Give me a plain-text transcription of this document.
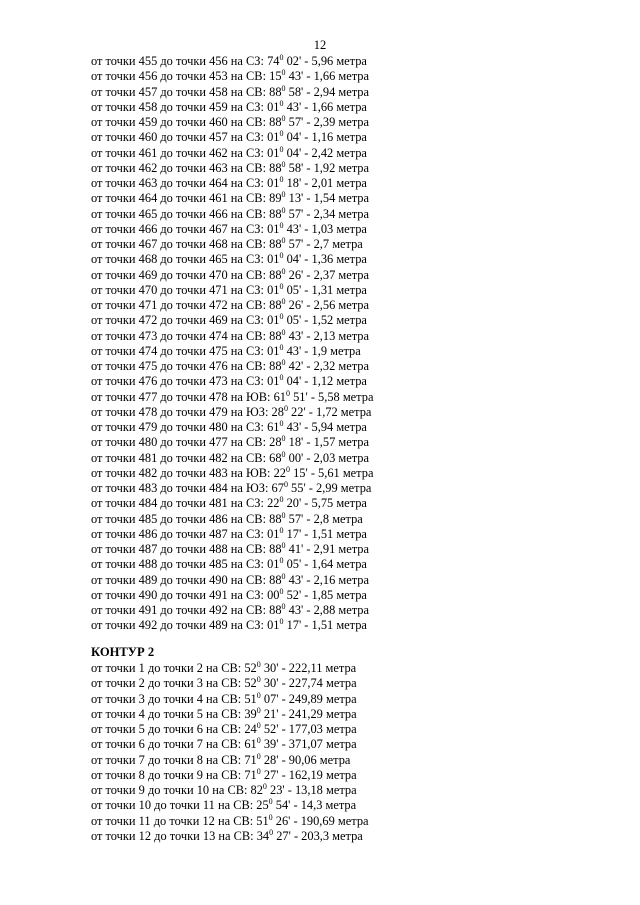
12
от точки 455 до точки 456 на СЗ: $74^0$ 02' - 5,96 метра
от точки 456 до точки 453 на СВ: $15^0$ 43' - 1,66 метра
от точки 457 до точки 458 на СВ: $88^0$ 58' - 2,94 метра
от точки 458 до точки 459 на СЗ: $01^0$ 43' - 1,66 метра
от точки 459 до точки 460 на СВ: $88^0$ 57' - 2,39 метра
от точки 460 до точки 457 на СЗ: $01^0$ 04' - 1,16 метра
от точки 461 до точки 462 на СЗ: $01^0$ 04' - 2,42 метра
от точки 462 до точки 463 на СВ: $88^0$ 58' - 1,92 метра
от точки 463 до точки 464 на СЗ: $01^0$ 18' - 2,01 метра
от точки 464 до точки 461 на СВ: $89^0$ 13' - 1,54 метра
от точки 465 до точки 466 на СВ: $88^0$ 57' - 2,34 метра
от точки 466 до точки 467 на СЗ: $01^0$ 43' - 1,03 метра
от точки 467 до точки 468 на СВ: $88^0$ 57' - 2,7 метра
от точки 468 до точки 465 на СЗ: $01^0$ 04' - 1,36 метра
от точки 469 до точки 470 на СВ: $88^0$ 26' - 2,37 метра
от точки 470 до точки 471 на СЗ: $01^0$ 05' - 1,31 метра
от точки 471 до точки 472 на СВ: $88^0$ 26' - 2,56 метра
от точки 472 до точки 469 на СЗ: $01^0$ 05' - 1,52 метра
от точки 473 до точки 474 на СВ: $88^0$ 43' - 2,13 метра
от точки 474 до точки 475 на СЗ: $01^0$ 43' - 1,9 метра
от точки 475 до точки 476 на СВ: $88^0$ 42' - 2,32 метра
от точки 476 до точки 473 на СЗ: $01^0$ 04' - 1,12 метра
от точки 477 до точки 478 на ЮВ: $61^0$ 51' - 5,58 метра
от точки 478 до точки 479 на ЮЗ: $28^0$ 22' - 1,72 метра
от точки 479 до точки 480 на СЗ: $61^0$ 43' - 5,94 метра
от точки 480 до точки 477 на СВ: $28^0$ 18' - 1,57 метра
от точки 481 до точки 482 на СВ: $68^0$ 00' - 2,03 метра
от точки 482 до точки 483 на ЮВ: $22^0$ 15' - 5,61 метра
от точки 483 до точки 484 на ЮЗ: $67^0$ 55' - 2,99 метра
от точки 484 до точки 481 на СЗ: $22^0$ 20' - 5,75 метра
от точки 485 до точки 486 на СВ: $88^0$ 57' - 2,8 метра
от точки 486 до точки 487 на СЗ: $01^0$ 17' - 1,51 метра
от точки 487 до точки 488 на СВ: $88^0$ 41' - 2,91 метра
от точки 488 до точки 485 на СЗ: $01^0$ 05' - 1,64 метра
от точки 489 до точки 490 на СВ: $88^0$ 43' - 2,16 метра
от точки 490 до точки 491 на СЗ: $00^0$ 52' - 1,85 метра
от точки 491 до точки 492 на СВ: $88^0$ 43' - 2,88 метра
от точки 492 до точки 489 на СЗ: $01^0$ 17' - 1,51 метра
КОНТУР 2
от точки 1 до точки 2 на СВ: $52^0$ 30' - 222,11 метра
от точки 2 до точки 3 на СВ: $52^0$ 30' - 227,74 метра
от точки 3 до точки 4 на СВ: $51^0$ 07' - 249,89 метра
от точки 4 до точки 5 на СВ: $39^0$ 21' - 241,29 метра
от точки 5 до точки 6 на СВ: $24^0$ 52' - 177,03 метра
от точки 6 до точки 7 на СВ: $61^0$ 39' - 371,07 метра
от точки 7 до точки 8 на СВ: $71^0$ 28' - 90,06 метра
от точки 8 до точки 9 на СВ: $71^0$ 27' - 162,19 метра
от точки 9 до точки 10 на СВ: $82^0$ 23' - 13,18 метра
от точки 10 до точки 11 на СВ: $25^0$ 54' - 14,3 метра
от точки 11 до точки 12 на СВ: $51^0$ 26' - 190,69 метра
от точки 12 до точки 13 на СВ: $34^0$ 27' - 203,3 метра
